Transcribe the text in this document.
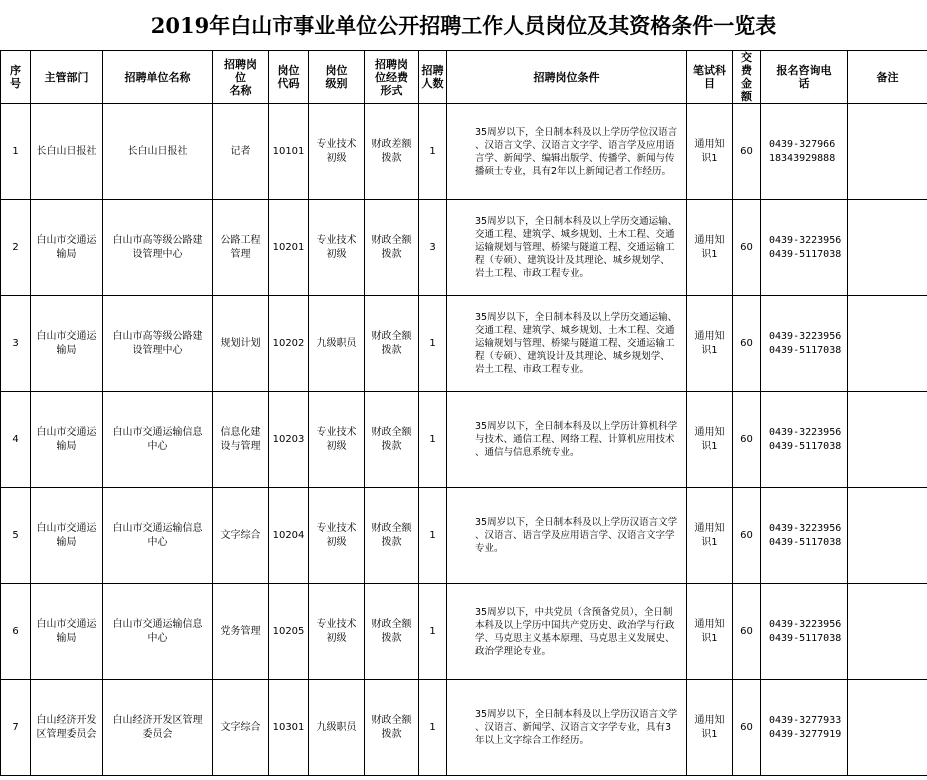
2019年白山市事业单位公开招聘工作人员岗位及其资格条件一览表
序
号	主管部门	招聘单位名称	招聘岗
位
名称	岗位
代码	岗位
级别	招聘岗
位经费
形式	招聘
人数	招聘岗位条件	笔试科
目	交
费
金
额	报名咨询电
话	备注
1	长白山日报社	长白山日报社	记者	10101	专业技术
初级	财政差额
拨款	1	35周岁以下，全日制本科及以上学历学位汉语言
、汉语言文学、汉语言文字学、语言学及应用语
言学、新闻学、编辑出版学、传播学、新闻与传
播硕士专业，具有2年以上新闻记者工作经历。	通用知
识1	60	0439-327966
18343929888	
2	白山市交通运
输局	白山市高等级公路建
设管理中心	公路工程
管理	10201	专业技术
初级	财政全额
拨款	3	35周岁以下，全日制本科及以上学历交通运输、
交通工程、建筑学、城乡规划、土木工程、交通
运输规划与管理、桥梁与隧道工程、交通运输工
程（专硕）、建筑设计及其理论、城乡规划学、
岩土工程、市政工程专业。	通用知
识1	60	0439-3223956
0439-5117038	
3	白山市交通运
输局	白山市高等级公路建
设管理中心	规划计划	10202	九级职员	财政全额
拨款	1	35周岁以下，全日制本科及以上学历交通运输、
交通工程、建筑学、城乡规划、土木工程、交通
运输规划与管理、桥梁与隧道工程、交通运输工
程（专硕）、建筑设计及其理论、城乡规划学、
岩土工程、市政工程专业。	通用知
识1	60	0439-3223956
0439-5117038	
4	白山市交通运
输局	白山市交通运输信息
中心	信息化建
设与管理	10203	专业技术
初级	财政全额
拨款	1	35周岁以下，全日制本科及以上学历计算机科学
与技术、通信工程、网络工程、计算机应用技术
、通信与信息系统专业。	通用知
识1	60	0439-3223956
0439-5117038	
5	白山市交通运
输局	白山市交通运输信息
中心	文字综合	10204	专业技术
初级	财政全额
拨款	1	35周岁以下，全日制本科及以上学历汉语言文学
、汉语言、语言学及应用语言学、汉语言文字学
专业。	通用知
识1	60	0439-3223956
0439-5117038	
6	白山市交通运
输局	白山市交通运输信息
中心	党务管理	10205	专业技术
初级	财政全额
拨款	1	35周岁以下，中共党员（含预备党员），全日制
本科及以上学历中国共产党历史、政治学与行政
学、马克思主义基本原理、马克思主义发展史、
政治学理论专业。	通用知
识1	60	0439-3223956
0439-5117038	
7	白山经济开发
区管理委员会	白山经济开发区管理
委员会	文字综合	10301	九级职员	财政全额
拨款	1	35周岁以下，全日制本科及以上学历汉语言文学
、汉语言、新闻学、汉语言文字学专业，具有3
年以上文字综合工作经历。	通用知
识1	60	0439-3277933
0439-3277919	
